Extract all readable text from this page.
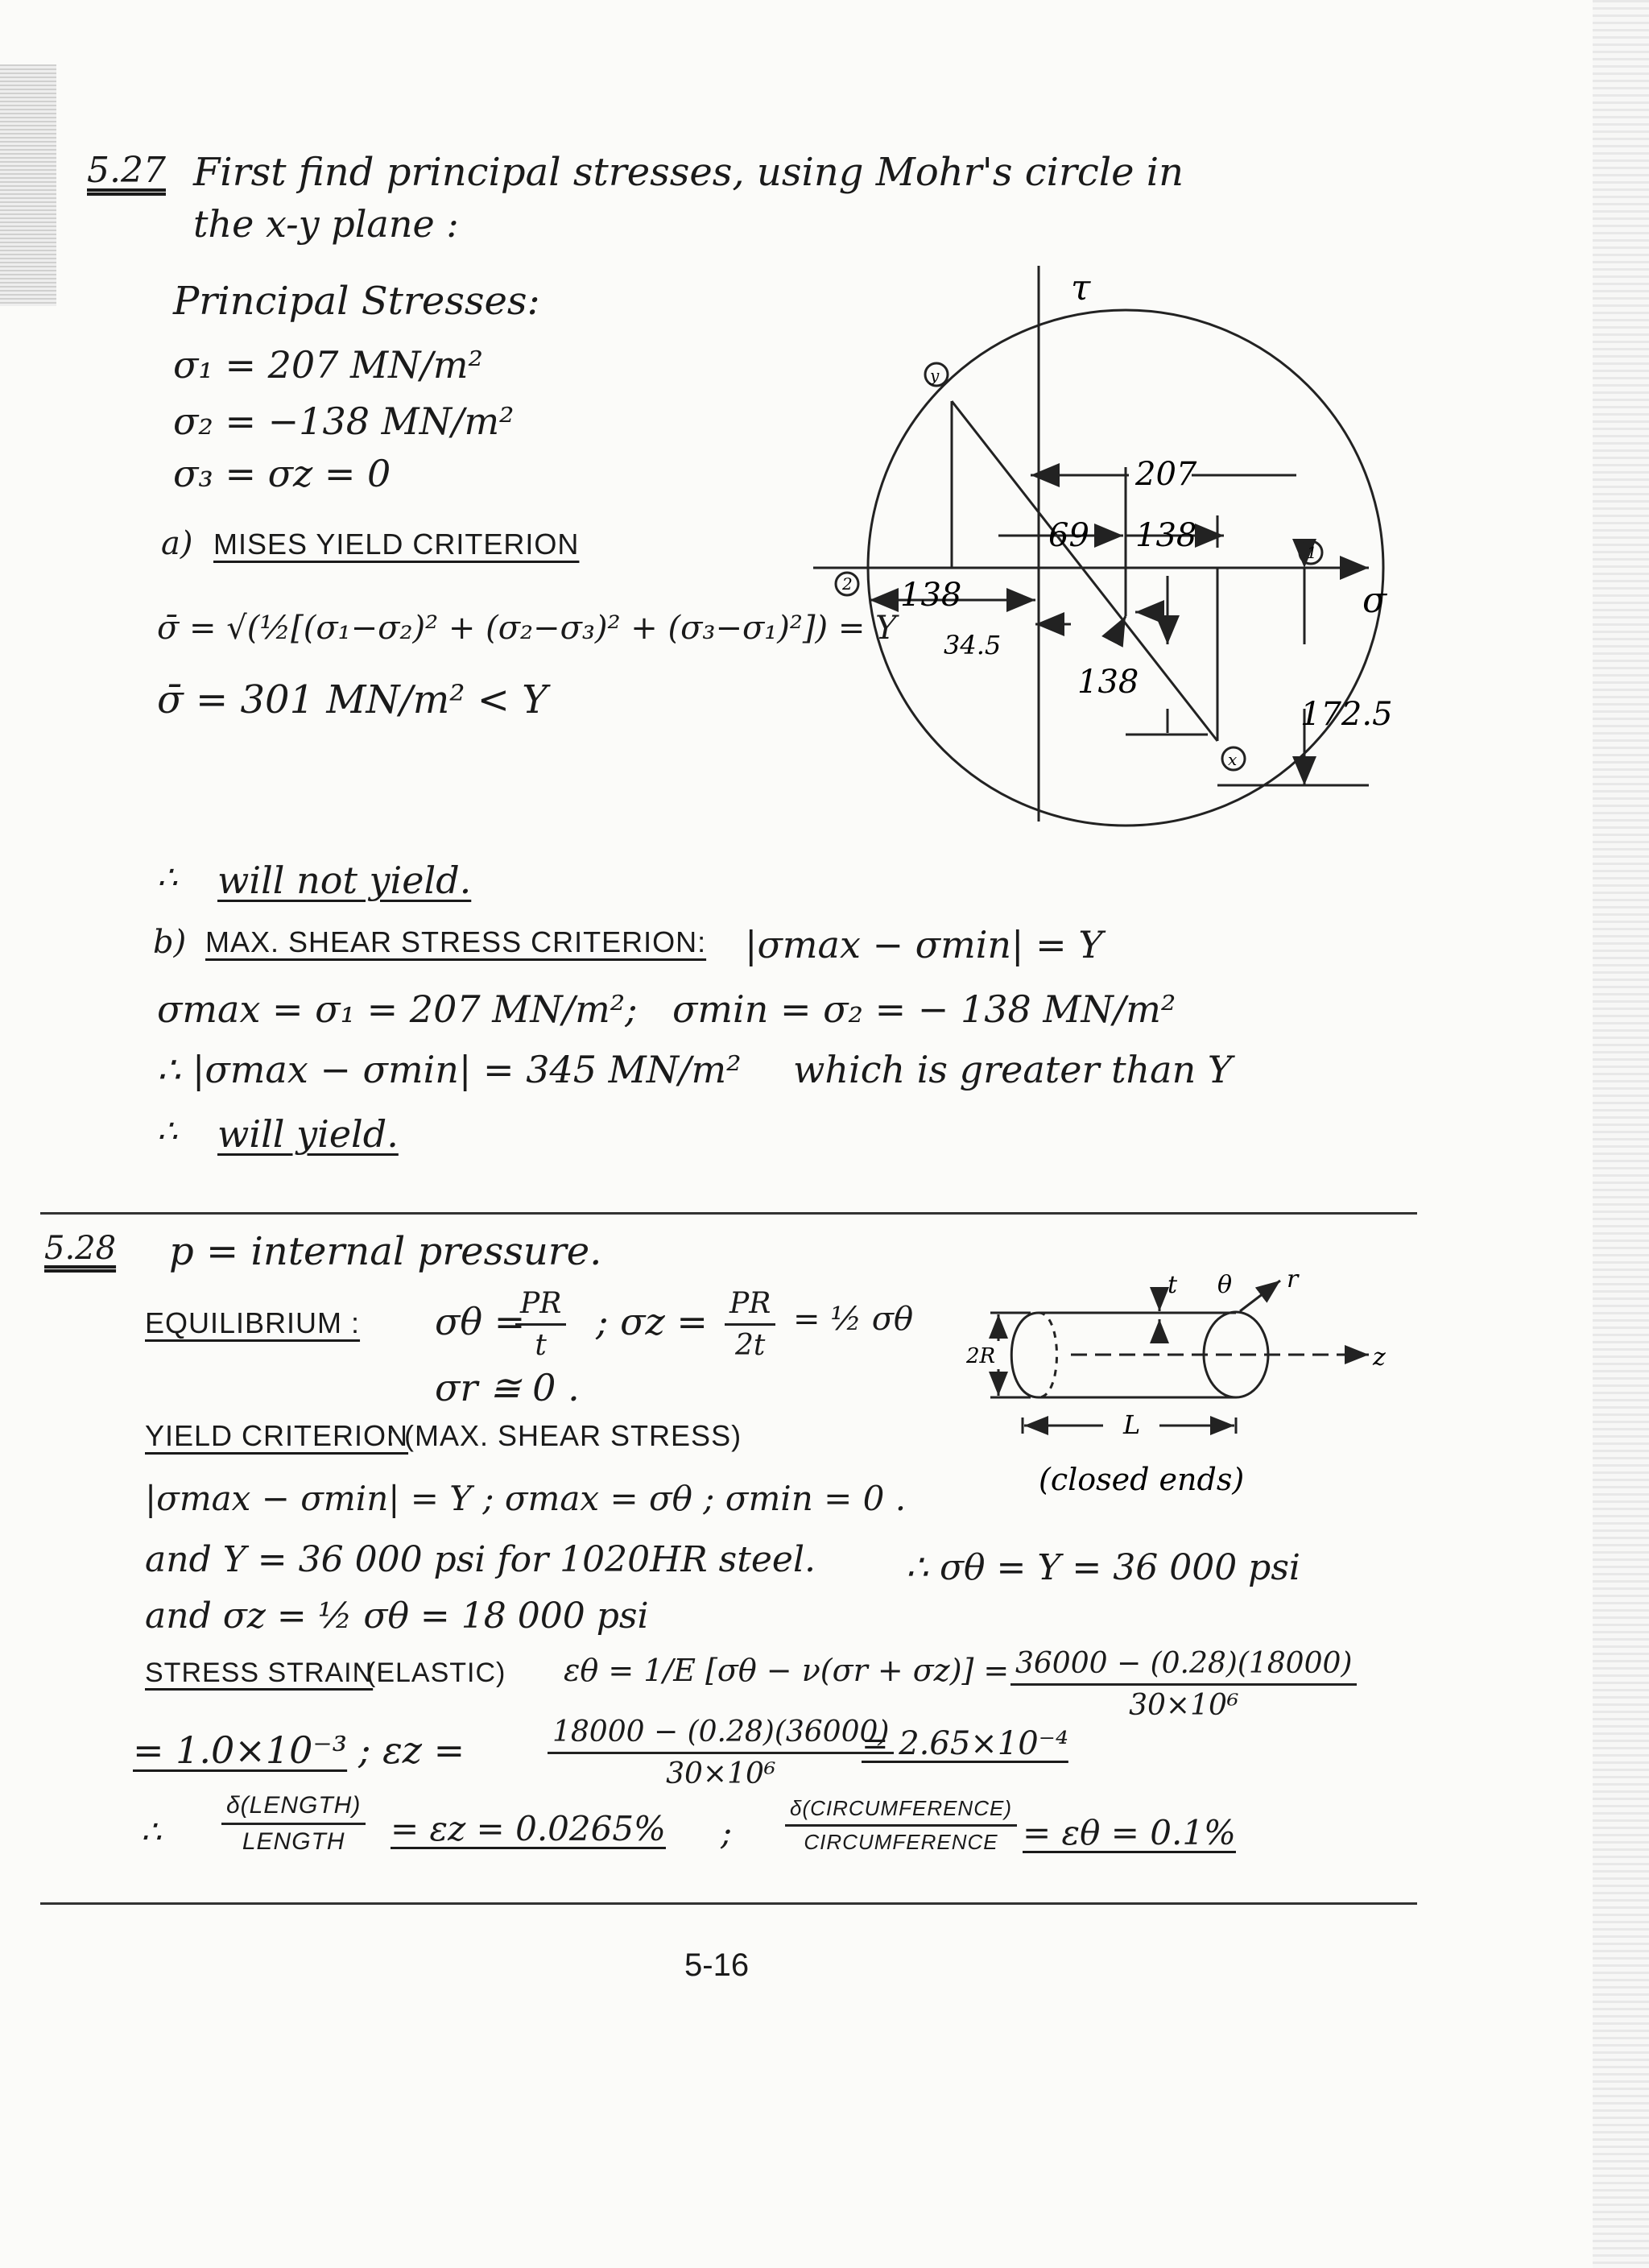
5.27 First find principal stresses, using Mohr's circle in
the x-y plane :
Principal Stresses:
σ₁ = 207 MN/m²
σ₂ = −138 MN/m²
σ₃ = σz = 0
a) MISES YIELD CRITERION
σ̄ = √(½[(σ₁−σ₂)² + (σ₂−σ₃)² + (σ₃−σ₁)²]) = Y
σ̄ = 301 MN/m² < Y
τ
σ
y
x
1
2
207
69 138
138
34.5
138
172.5
∴ will not yield.
b) MAX. SHEAR STRESS CRITERION: |σmax − σmin| = Y
σmax = σ₁ = 207 MN/m²; σmin = σ₂ = − 138 MN/m²
∴ |σmax − σmin| = 345 MN/m² which is greater than Y
∴ will yield.
5.28 p = internal pressure.
EQUILIBRIUM : σθ =
$\frac{PR}{t}$ ; $\sigma z = \frac{PR}{2t}$ = ½ σθ
σr ≅ 0 .
t θ r
z
2R
L
(closed ends)
YIELD CRITERION
: (MAX. SHEAR STRESS)
|σmax − σmin| = Y ; σmax = σθ ; σmin = 0 .
and Y = 36 000 psi for 1020HR steel.	∴ σθ = Y = 36 000 psi
and σz = ½ σθ = 18 000 psi
STRESS STRAIN
(ELASTIC) εθ = 1/E $[\sigma\theta - \nu(\sigma r + \sigma z)] = \frac{36000 - (0.28)(18000)}{\text{30×10⁶}}$
= 1.0×10⁻³ ; εz =	$\frac{18000 - (0.28)(36000)}{\text{30×10⁶}}$
= 2.65×10⁻⁴
∴
δ(LENGTH)
LENGTH	= εz = 0.0265% ;
δ(CIRCUMFERENCE)
CIRCUMFERENCE = εθ = 0.1%
5-16
